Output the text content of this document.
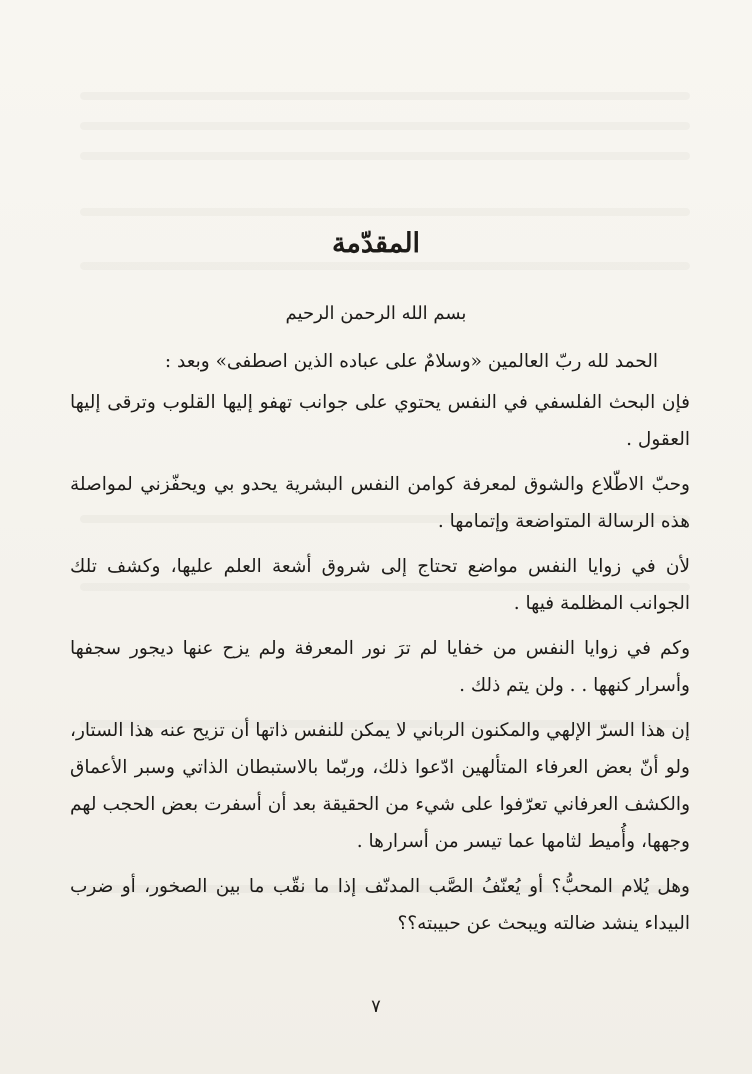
المقدّمة
بسم الله الرحمن الرحيم

الحمد لله ربّ العالمين «وسلامٌ على عباده الذين اصطفى» وبعد :

فإن البحث الفلسفي في النفس يحتوي على جوانب تهفو إليها القلوب وترقى إليها العقول .

وحبّ الاطّلاع والشوق لمعرفة كوامن النفس البشرية يحدو بي ويحفّزني لمواصلة هذه الرسالة المتواضعة وإتمامها .

لأن في زوايا النفس مواضع تحتاج إلى شروق أشعة العلم عليها، وكشف تلك الجوانب المظلمة فيها .

وكم في زوايا النفس من خفايا لم ترَ نور المعرفة ولم يزح عنها ديجور سجفها وأسرار كنهها . . ولن يتم ذلك .

إن هذا السرّ الإلهي والمكنون الرباني لا يمكن للنفس ذاتها أن تزيح عنه هذا الستار، ولو أنّ بعض العرفاء المتألهين ادّعوا ذلك، وربّما بالاستبطان الذاتي وسبر الأعماق والكشف العرفاني تعرّفوا على شيء من الحقيقة بعد أن أسفرت بعض الحجب لهم وجهها، وأُميط لثامها عما تيسر من أسرارها .

وهل يُلام المحبُّ؟ أو يُعنّفُ الصَّب المدنّف إذا ما نقّب ما بين الصخور، أو ضرب البيداء ينشد ضالته ويبحث عن حبيبته؟؟

٧
